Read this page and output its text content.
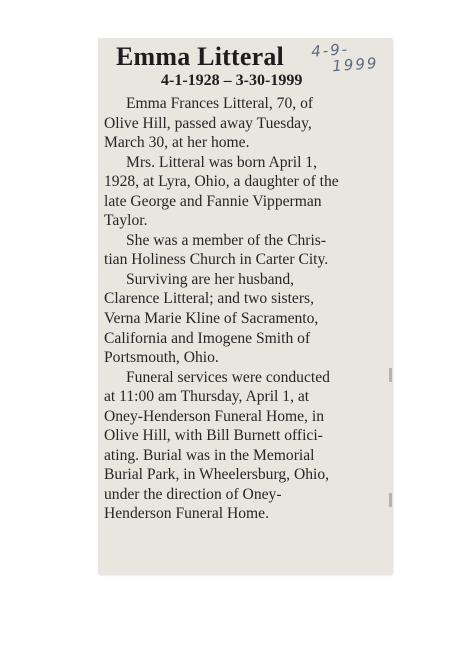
Emma Litteral 4-9-
1999

4-1-1928 – 3-30-1999

Emma Frances Litteral, 70, of
Olive Hill, passed away Tuesday,
March 30, at her home.

Mrs. Litteral was born April 1,
1928, at Lyra, Ohio, a daughter of the
late George and Fannie Vipperman
Taylor.

She was a member of the Chris-
tian Holiness Church in Carter City.

Surviving are her husband,
Clarence Litteral; and two sisters,
Verna Marie Kline of Sacramento,
California and Imogene Smith of
Portsmouth, Ohio.

Funeral services were conducted
at 11:00 am Thursday, April 1, at
Oney-Henderson Funeral Home, in
Olive Hill, with Bill Burnett offici-
ating. Burial was in the Memorial
Burial Park, in Wheelersburg, Ohio,
under the direction of Oney-
Henderson Funeral Home.
